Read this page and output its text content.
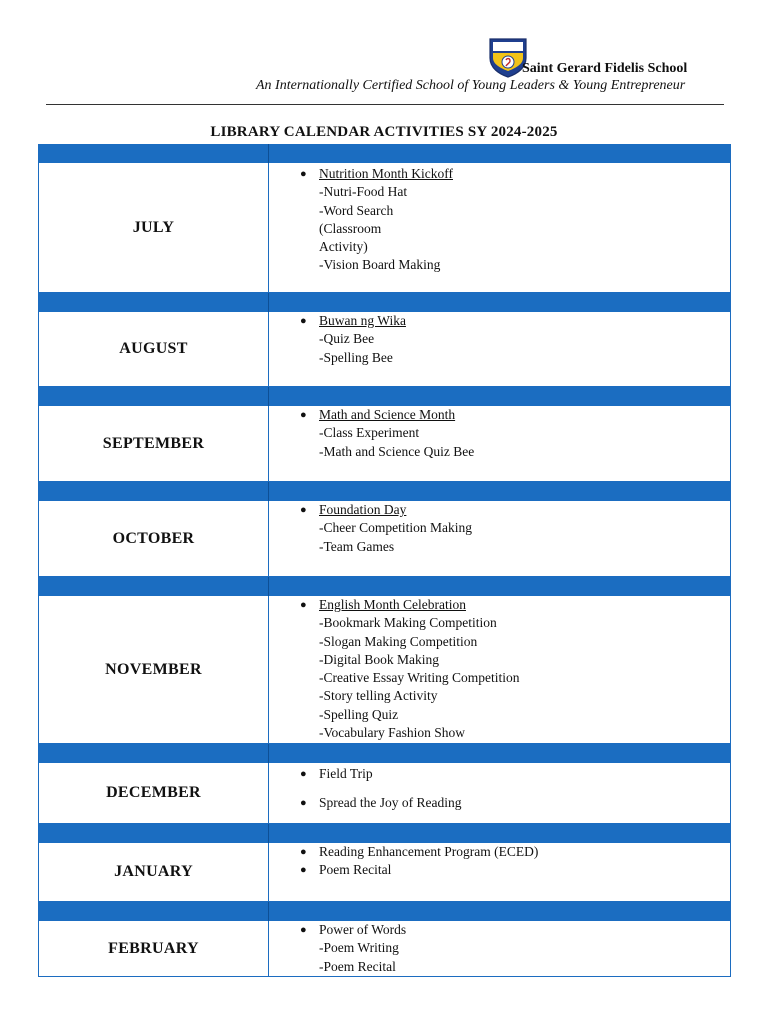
Saint Gerard Fidelis School
An Internationally Certified School of Young Leaders & Young Entrepreneur
LIBRARY CALENDAR ACTIVITIES SY 2024-2025
JULY
● Nutrition Month Kickoff
-Nutri-Food Hat
-Word Search
(Classroom
Activity)
-Vision Board Making
AUGUST
● Buwan ng Wika
-Quiz Bee
-Spelling Bee
SEPTEMBER
● Math and Science Month
-Class Experiment
-Math and Science Quiz Bee
OCTOBER
● Foundation Day
-Cheer Competition Making
-Team Games
NOVEMBER
● English Month Celebration
-Bookmark Making Competition
-Slogan Making Competition
-Digital Book Making
-Creative Essay Writing Competition
-Story telling Activity
-Spelling Quiz
-Vocabulary Fashion Show
DECEMBER
● Field Trip
● Spread the Joy of Reading
JANUARY
● Reading Enhancement Program (ECED)
● Poem Recital
FEBRUARY
● Power of Words
-Poem Writing
-Poem Recital
